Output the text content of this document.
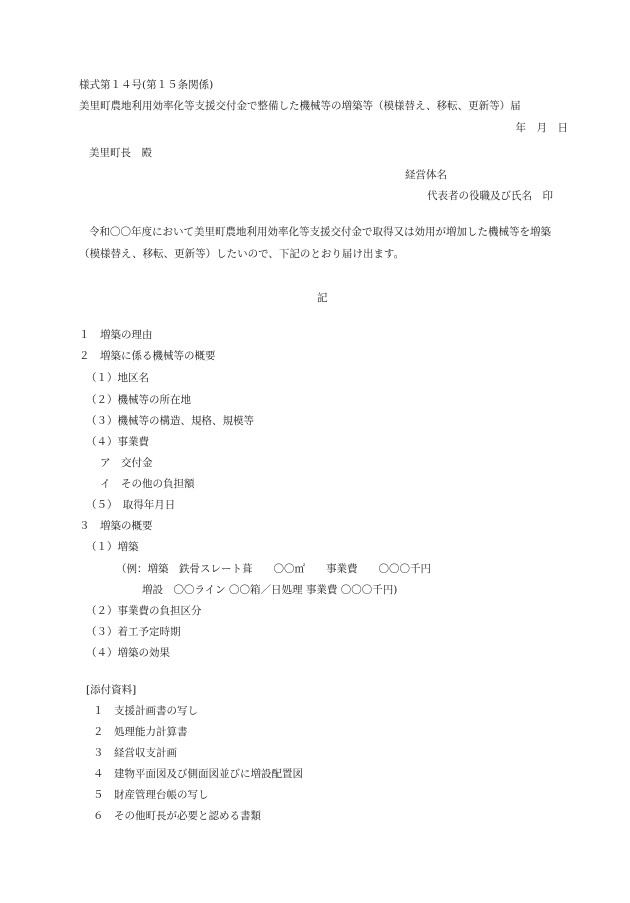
様式第１４号(第１５条関係)
美里町農地利用効率化等支援交付金で整備した機械等の増築等（模様替え、移転、更新等）届
年　月　日
美里町長　殿
経営体名
代表者の役職及び氏名　印
令和〇〇年度において美里町農地利用効率化等支援交付金で取得又は効用が増加した機械等を増築
（模様替え、移転、更新等）したいので、下記のとおり届け出ます。
記
１　増築の理由
２　増築に係る機械等の概要
（１）地区名
（２）機械等の所在地
（３）機械等の構造、規格、規模等
（４）事業費
ア　交付金
イ　その他の負担額
（５）　取得年月日
３　増築の概要
（１）増築
（例：増築　鉄骨スレート葺　　〇〇㎡　　事業費　　〇〇〇千円
増設　〇〇ライン 〇〇箱／日処理 事業費 〇〇〇千円)
（２）事業費の負担区分
（３）着工予定時期
（４）増築の効果
[添付資料]
１　支援計画書の写し
２　処理能力計算書
３　経営収支計画
４　建物平面図及び側面図並びに増設配置図
５　財産管理台帳の写し
６　その他町長が必要と認める書類
